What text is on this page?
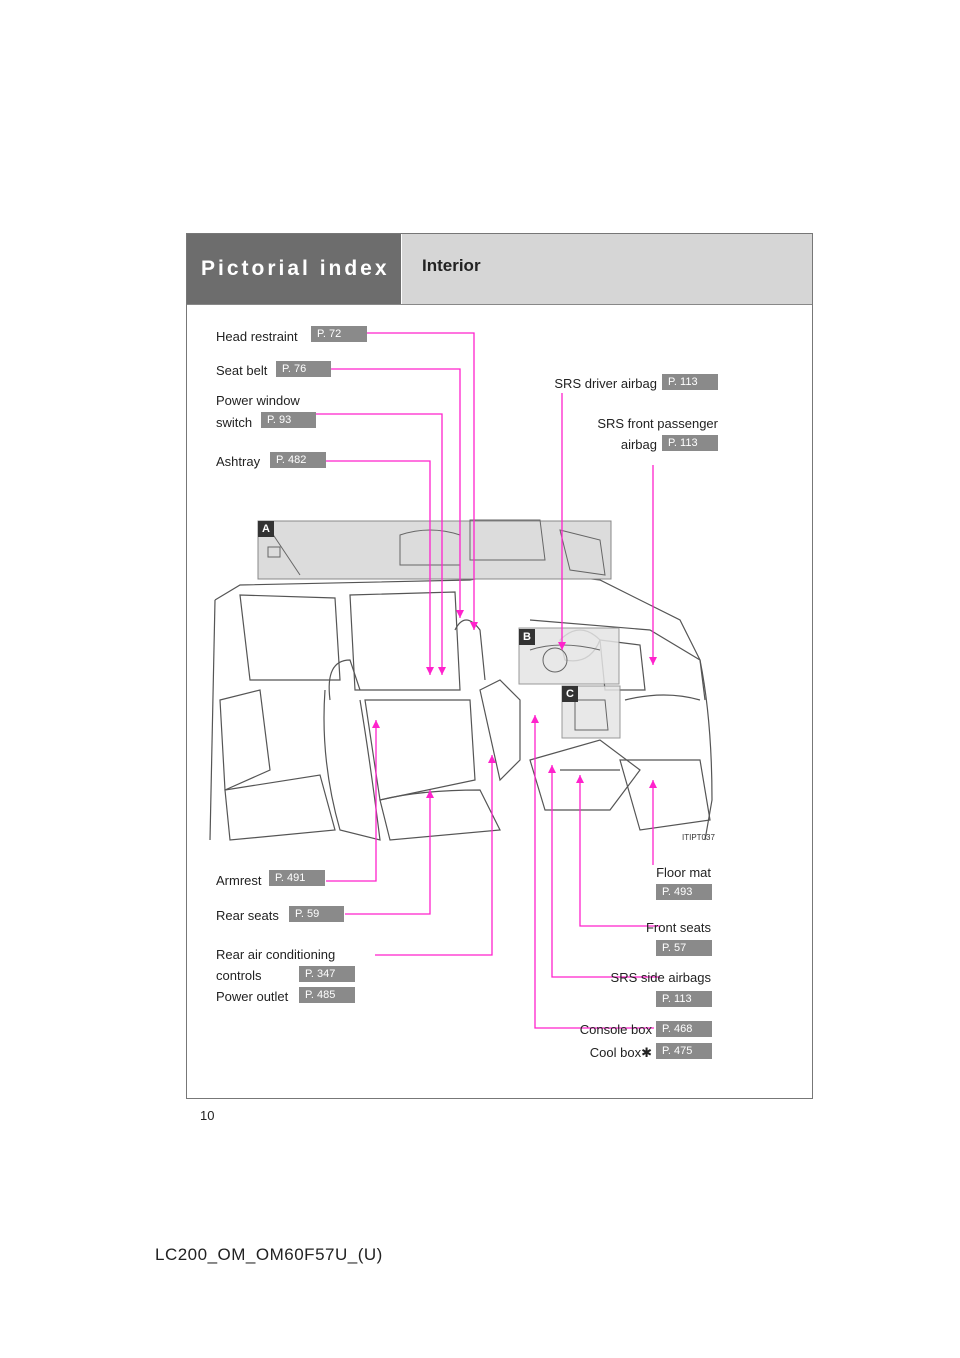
Pictorial index	Interior
A
B
C
ITIPT037
Head restraint	P. 72
Seat belt	P. 76
Power window
switch	P. 93
Ashtray	P. 482
SRS driver airbag	P. 113
SRS front passenger
airbag	P. 113
Armrest	P. 491
Rear seats	P. 59
Rear air conditioning
controls	P. 347
Power outlet	P. 485
Floor mat
P. 493
Front seats
P. 57
SRS side airbags
P. 113
Console box P. 468
Cool box✱ P. 475
10
LC200_OM_OM60F57U_(U)
